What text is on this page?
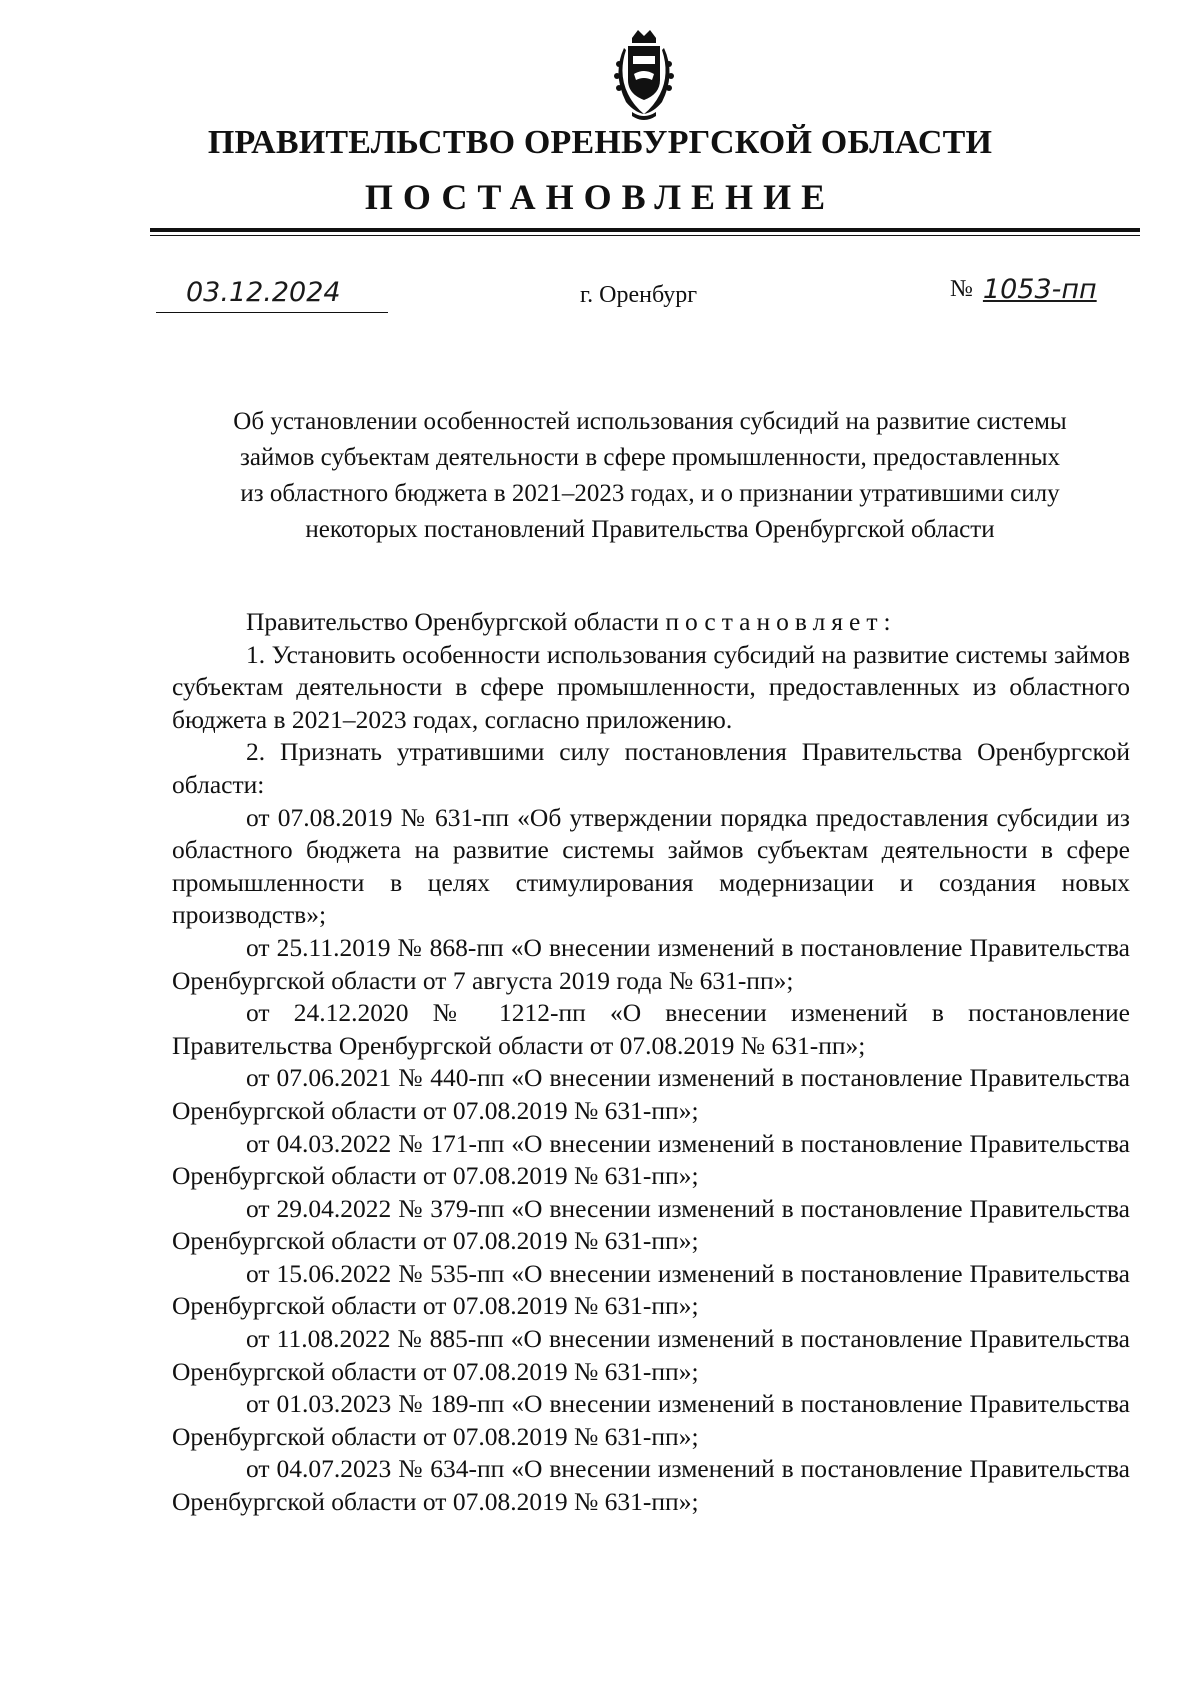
ПРАВИТЕЛЬСТВО ОРЕНБУРГСКОЙ ОБЛАСТИ
ПОСТАНОВЛЕНИЕ
03.12.2024	г. Оренбург	№ 1053-пп
Об установлении особенностей использования субсидий на развитие системы
займов субъектам деятельности в сфере промышленности, предоставленных
из областного бюджета в 2021–2023 годах, и о признании утратившими силу
некоторых постановлений Правительства Оренбургской области

Правительство Оренбургской области постановляет:

1. Установить особенности использования субсидий на развитие системы займов субъектам деятельности в сфере промышленности, предоставленных из областного бюджета в 2021–2023 годах, согласно приложению.

2. Признать утратившими силу постановления Правительства Оренбургской области:

от 07.08.2019 № 631-пп «Об утверждении порядка предоставления субсидии из областного бюджета на развитие системы займов субъектам деятельности в сфере промышленности в целях стимулирования модернизации и создания новых производств»;

от 25.11.2019 № 868-пп «О внесении изменений в постановление Правительства Оренбургской области от 7 августа 2019 года № 631-пп»;

от 24.12.2020 № 1212-пп «О внесении изменений в постановление Правительства Оренбургской области от 07.08.2019 № 631-пп»;

от 07.06.2021 № 440-пп «О внесении изменений в постановление Правительства Оренбургской области от 07.08.2019 № 631-пп»;

от 04.03.2022 № 171-пп «О внесении изменений в постановление Правительства Оренбургской области от 07.08.2019 № 631-пп»;

от 29.04.2022 № 379-пп «О внесении изменений в постановление Правительства Оренбургской области от 07.08.2019 № 631-пп»;

от 15.06.2022 № 535-пп «О внесении изменений в постановление Правительства Оренбургской области от 07.08.2019 № 631-пп»;

от 11.08.2022 № 885-пп «О внесении изменений в постановление Правительства Оренбургской области от 07.08.2019 № 631-пп»;

от 01.03.2023 № 189-пп «О внесении изменений в постановление Правительства Оренбургской области от 07.08.2019 № 631-пп»;

от 04.07.2023 № 634-пп «О внесении изменений в постановление Правительства Оренбургской области от 07.08.2019 № 631-пп»;
